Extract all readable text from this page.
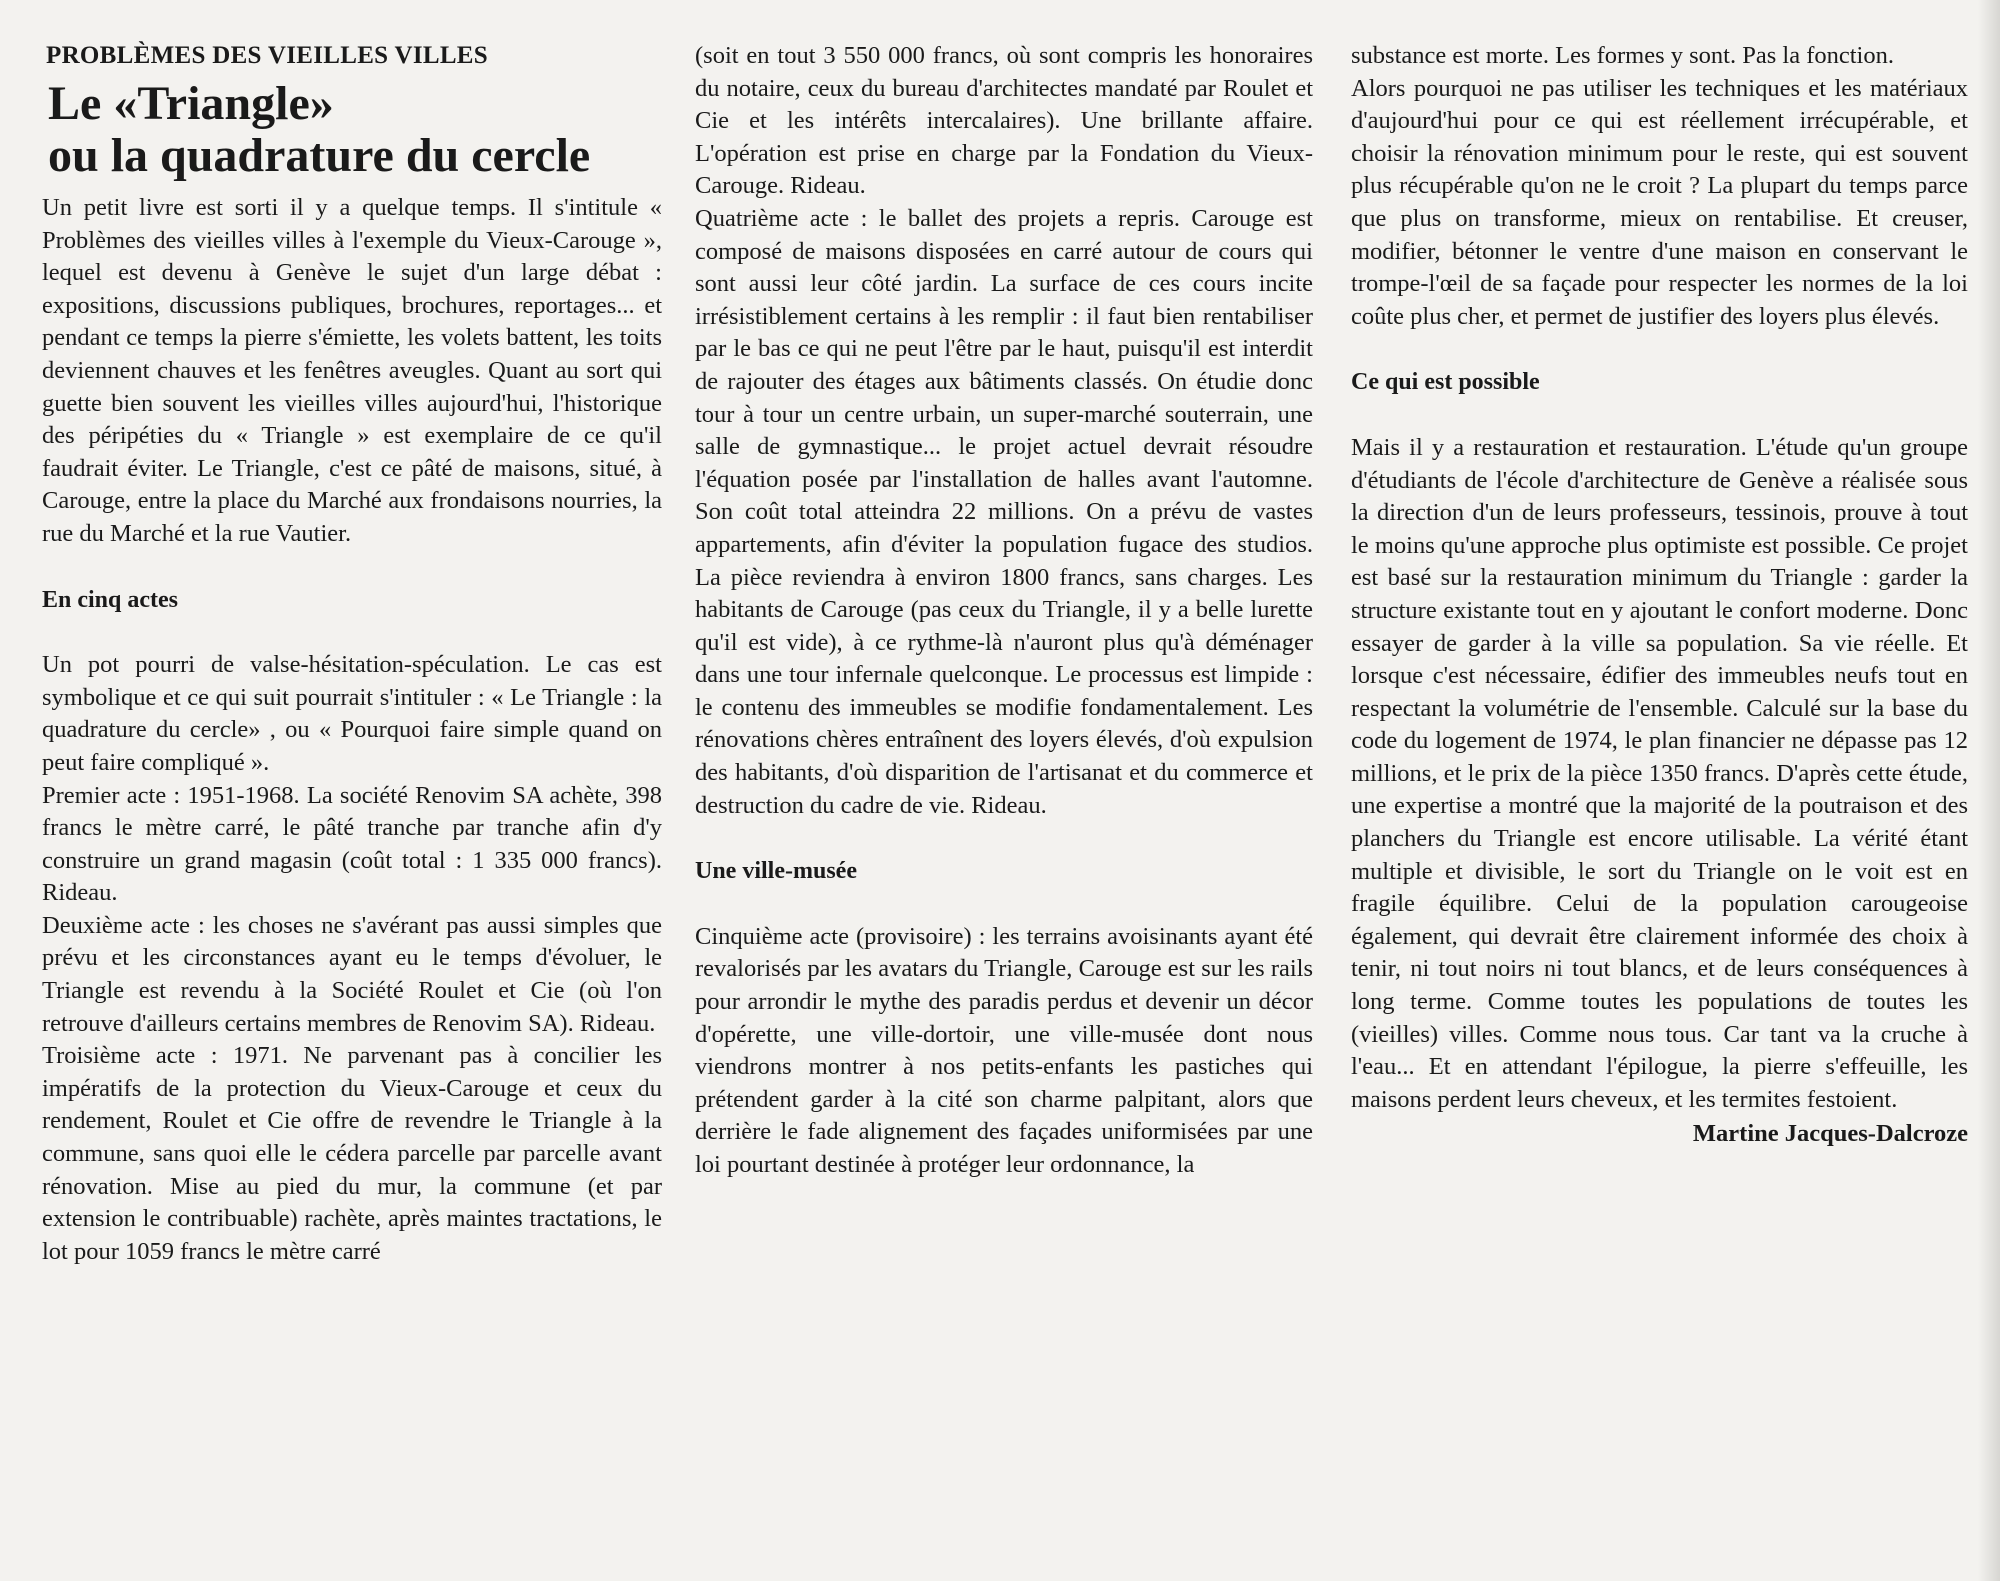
PROBLÈMES DES VIEILLES VILLES
Le «Triangle»
ou la quadrature du cercle

Un petit livre est sorti il y a quelque temps. Il s'intitule « Problèmes des vieilles villes à l'exemple du Vieux-Carouge », lequel est devenu à Genève le sujet d'un large débat : expositions, discussions publiques, brochures, reportages... et pendant ce temps la pierre s'émiette, les volets battent, les toits deviennent chauves et les fenêtres aveugles. Quant au sort qui guette bien souvent les vieilles villes aujourd'hui, l'historique des péripéties du « Triangle » est exemplaire de ce qu'il faudrait éviter. Le Triangle, c'est ce pâté de maisons, situé, à Carouge, entre la place du Marché aux frondaisons nourries, la rue du Marché et la rue Vautier.

En cinq actes

Un pot pourri de valse-hésitation-spéculation. Le cas est symbolique et ce qui suit pourrait s'intituler : « Le Triangle : la quadrature du cercle» , ou « Pourquoi faire simple quand on peut faire compliqué ».

Premier acte : 1951-1968. La société Renovim SA achète, 398 francs le mètre carré, le pâté tranche par tranche afin d'y construire un grand magasin (coût total : 1 335 000 francs). Rideau.

Deuxième acte : les choses ne s'avérant pas aussi simples que prévu et les circonstances ayant eu le temps d'évoluer, le Triangle est revendu à la Société Roulet et Cie (où l'on retrouve d'ailleurs certains membres de Renovim SA). Rideau.

Troisième acte : 1971. Ne parvenant pas à concilier les impératifs de la protection du Vieux-Carouge et ceux du rendement, Roulet et Cie offre de revendre le Triangle à la commune, sans quoi elle le cédera parcelle par parcelle avant rénovation. Mise au pied du mur, la commune (et par extension le contribuable) rachète, après maintes tractations, le lot pour 1059 francs le mètre carré

(soit en tout 3 550 000 francs, où sont compris les honoraires du notaire, ceux du bureau d'architectes mandaté par Roulet et Cie et les intérêts intercalaires). Une brillante affaire. L'opération est prise en charge par la Fondation du Vieux-Carouge. Rideau.

Quatrième acte : le ballet des projets a repris. Carouge est composé de maisons disposées en carré autour de cours qui sont aussi leur côté jardin. La surface de ces cours incite irrésistiblement certains à les remplir : il faut bien rentabiliser par le bas ce qui ne peut l'être par le haut, puisqu'il est interdit de rajouter des étages aux bâtiments classés. On étudie donc tour à tour un centre urbain, un super-marché souterrain, une salle de gymnastique... le projet actuel devrait résoudre l'équation posée par l'installation de halles avant l'automne. Son coût total atteindra 22 millions. On a prévu de vastes appartements, afin d'éviter la population fugace des studios. La pièce reviendra à environ 1800 francs, sans charges. Les habitants de Carouge (pas ceux du Triangle, il y a belle lurette qu'il est vide), à ce rythme-là n'auront plus qu'à déménager dans une tour infernale quelconque. Le processus est limpide : le contenu des immeubles se modifie fondamentalement. Les rénovations chères entraînent des loyers élevés, d'où expulsion des habitants, d'où disparition de l'artisanat et du commerce et destruction du cadre de vie. Rideau.

Une ville-musée

Cinquième acte (provisoire) : les terrains avoisinants ayant été revalorisés par les avatars du Triangle, Carouge est sur les rails pour arrondir le mythe des paradis perdus et devenir un décor d'opérette, une ville-dortoir, une ville-musée dont nous viendrons montrer à nos petits-enfants les pastiches qui prétendent garder à la cité son charme palpitant, alors que derrière le fade alignement des façades uniformisées par une loi pourtant destinée à protéger leur ordonnance, la

substance est morte. Les formes y sont. Pas la fonction.

Alors pourquoi ne pas utiliser les techniques et les matériaux d'aujourd'hui pour ce qui est réellement irrécupérable, et choisir la rénovation minimum pour le reste, qui est souvent plus récupérable qu'on ne le croit ? La plupart du temps parce que plus on transforme, mieux on rentabilise. Et creuser, modifier, bétonner le ventre d'une maison en conservant le trompe-l'œil de sa façade pour respecter les normes de la loi coûte plus cher, et permet de justifier des loyers plus élevés.

Ce qui est possible

Mais il y a restauration et restauration. L'étude qu'un groupe d'étudiants de l'école d'architecture de Genève a réalisée sous la direction d'un de leurs professeurs, tessinois, prouve à tout le moins qu'une approche plus optimiste est possible. Ce projet est basé sur la restauration minimum du Triangle : garder la structure existante tout en y ajoutant le confort moderne. Donc essayer de garder à la ville sa population. Sa vie réelle. Et lorsque c'est nécessaire, édifier des immeubles neufs tout en respectant la volumétrie de l'ensemble. Calculé sur la base du code du logement de 1974, le plan financier ne dépasse pas 12 millions, et le prix de la pièce 1350 francs. D'après cette étude, une expertise a montré que la majorité de la poutraison et des planchers du Triangle est encore utilisable. La vérité étant multiple et divisible, le sort du Triangle on le voit est en fragile équilibre. Celui de la population carougeoise également, qui devrait être clairement informée des choix à tenir, ni tout noirs ni tout blancs, et de leurs conséquences à long terme. Comme toutes les populations de toutes les (vieilles) villes. Comme nous tous. Car tant va la cruche à l'eau... Et en attendant l'épilogue, la pierre s'effeuille, les maisons perdent leurs cheveux, et les termites festoient.

Martine Jacques-Dalcroze
